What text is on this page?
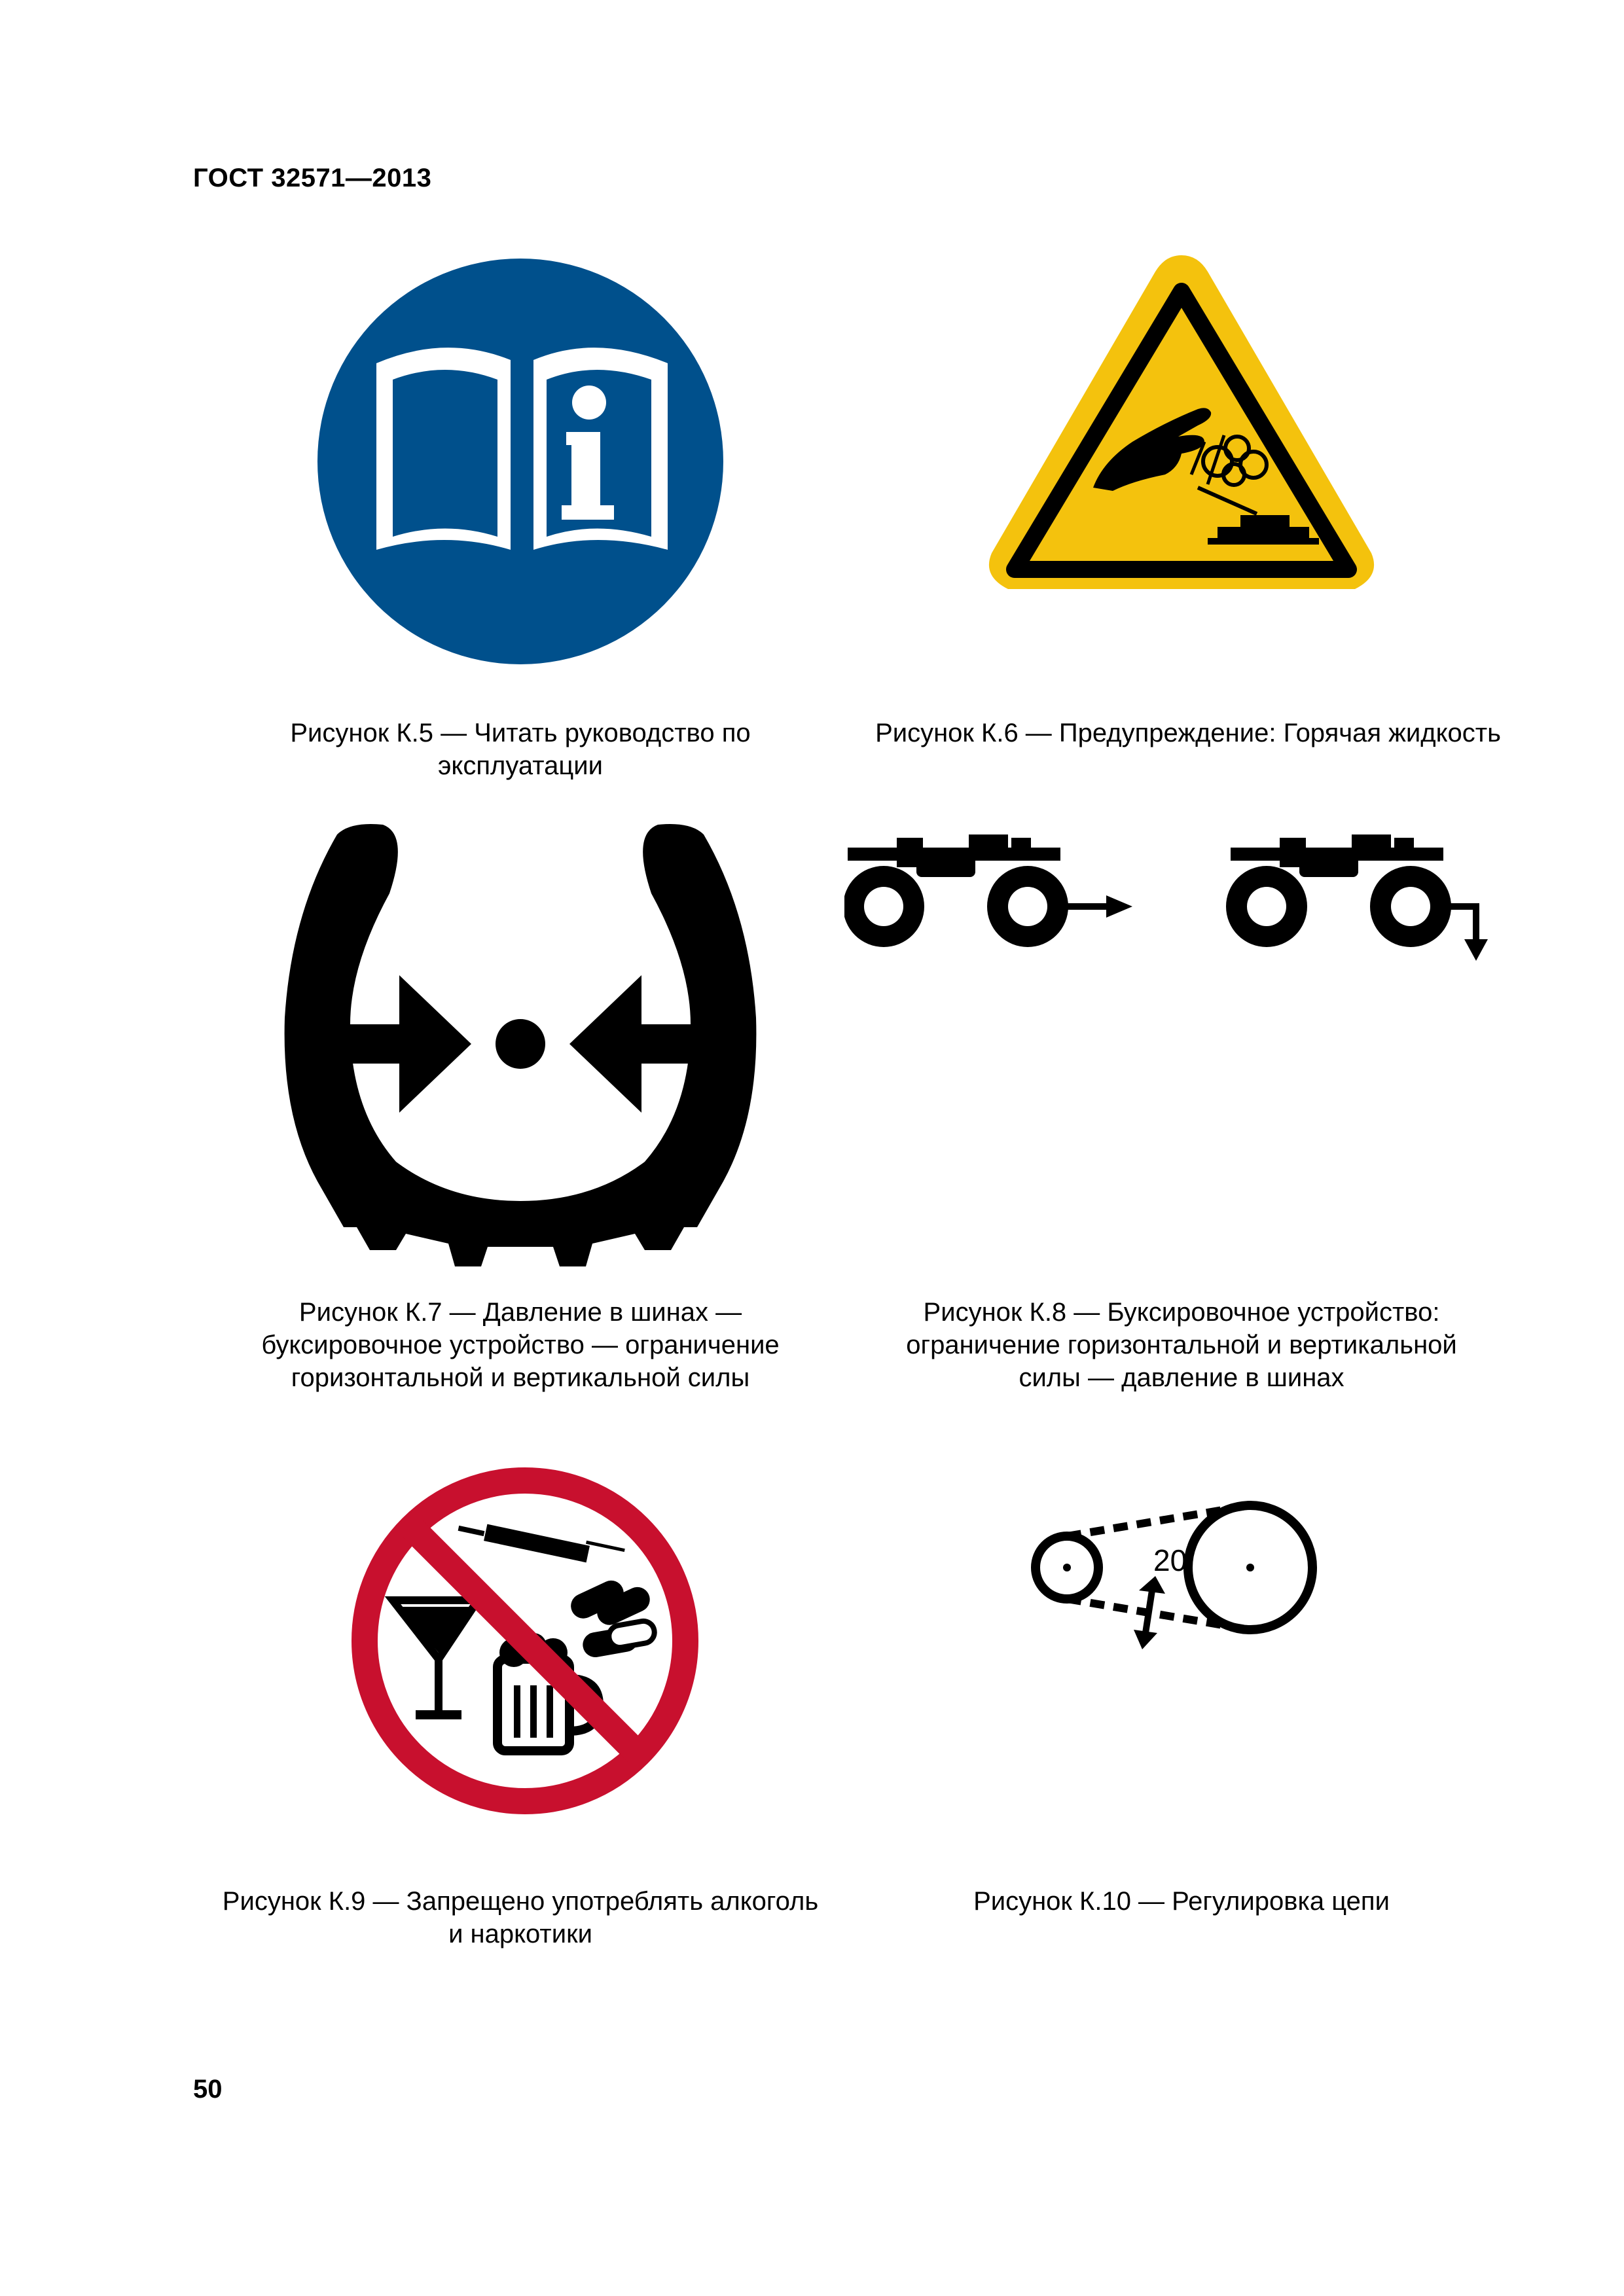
ГОСТ 32571—2013
Рисунок К.5 — Читать руководство по
эксплуатации
Рисунок К.6 — Предупреждение: Горячая жидкость
Рисунок К.7 — Давление в шинах —
буксировочное устройство — ограничение
горизонтальной и вертикальной силы
Рисунок К.8 — Буксировочное устройство:
ограничение горизонтальной и вертикальной
силы — давление в шинах
20
Рисунок К.9 — Запрещено употреблять алкоголь
и наркотики
Рисунок К.10 — Регулировка цепи
50
